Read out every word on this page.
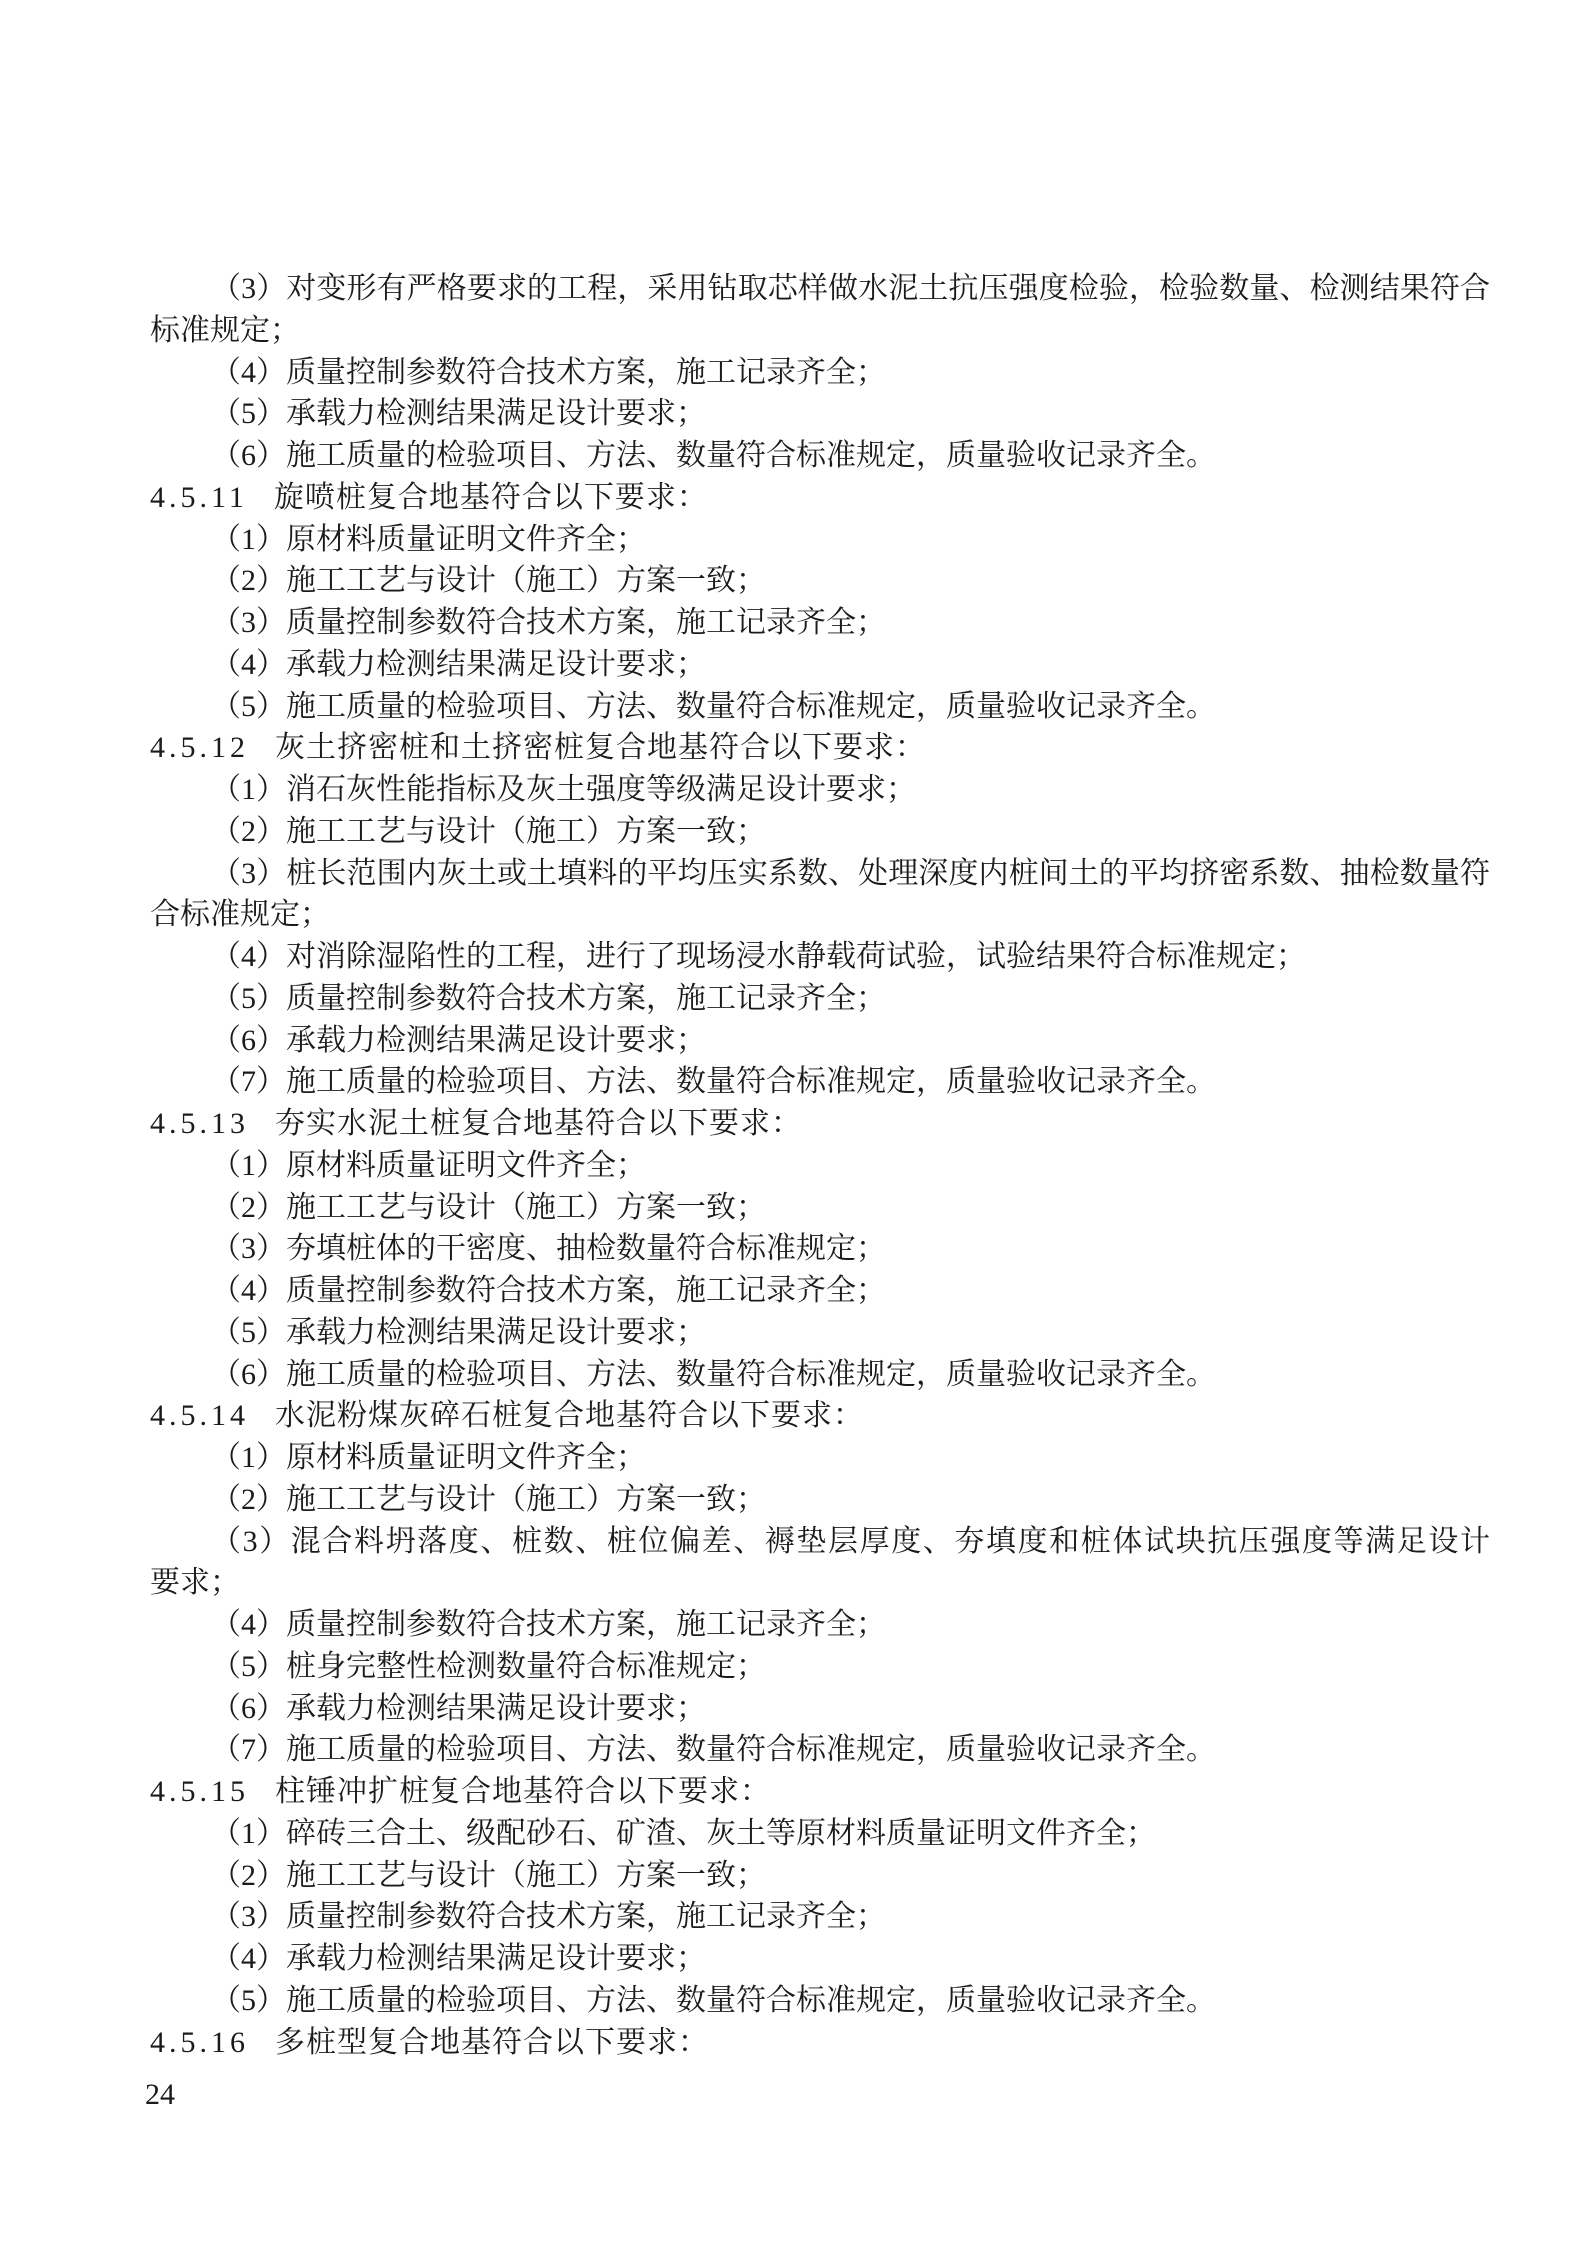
（3）对变形有严格要求的工程，采用钻取芯样做水泥土抗压强度检验，检验数量、检测结果符合
标准规定；
（4）质量控制参数符合技术方案，施工记录齐全；
（5）承载力检测结果满足设计要求；
（6）施工质量的检验项目、方法、数量符合标准规定，质量验收记录齐全。
4.5.11 旋喷桩复合地基符合以下要求：
（1）原材料质量证明文件齐全；
（2）施工工艺与设计（施工）方案一致；
（3）质量控制参数符合技术方案，施工记录齐全；
（4）承载力检测结果满足设计要求；
（5）施工质量的检验项目、方法、数量符合标准规定，质量验收记录齐全。
4.5.12 灰土挤密桩和土挤密桩复合地基符合以下要求：
（1）消石灰性能指标及灰土强度等级满足设计要求；
（2）施工工艺与设计（施工）方案一致；
（3）桩长范围内灰土或土填料的平均压实系数、处理深度内桩间土的平均挤密系数、抽检数量符
合标准规定；
（4）对消除湿陷性的工程，进行了现场浸水静载荷试验，试验结果符合标准规定；
（5）质量控制参数符合技术方案，施工记录齐全；
（6）承载力检测结果满足设计要求；
（7）施工质量的检验项目、方法、数量符合标准规定，质量验收记录齐全。
4.5.13 夯实水泥土桩复合地基符合以下要求：
（1）原材料质量证明文件齐全；
（2）施工工艺与设计（施工）方案一致；
（3）夯填桩体的干密度、抽检数量符合标准规定；
（4）质量控制参数符合技术方案，施工记录齐全；
（5）承载力检测结果满足设计要求；
（6）施工质量的检验项目、方法、数量符合标准规定，质量验收记录齐全。
4.5.14 水泥粉煤灰碎石桩复合地基符合以下要求：
（1）原材料质量证明文件齐全；
（2）施工工艺与设计（施工）方案一致；
（3）混合料坍落度、桩数、桩位偏差、褥垫层厚度、夯填度和桩体试块抗压强度等满足设计
要求；
（4）质量控制参数符合技术方案，施工记录齐全；
（5）桩身完整性检测数量符合标准规定；
（6）承载力检测结果满足设计要求；
（7）施工质量的检验项目、方法、数量符合标准规定，质量验收记录齐全。
4.5.15 柱锤冲扩桩复合地基符合以下要求：
（1）碎砖三合土、级配砂石、矿渣、灰土等原材料质量证明文件齐全；
（2）施工工艺与设计（施工）方案一致；
（3）质量控制参数符合技术方案，施工记录齐全；
（4）承载力检测结果满足设计要求；
（5）施工质量的检验项目、方法、数量符合标准规定，质量验收记录齐全。
4.5.16 多桩型复合地基符合以下要求：
24
